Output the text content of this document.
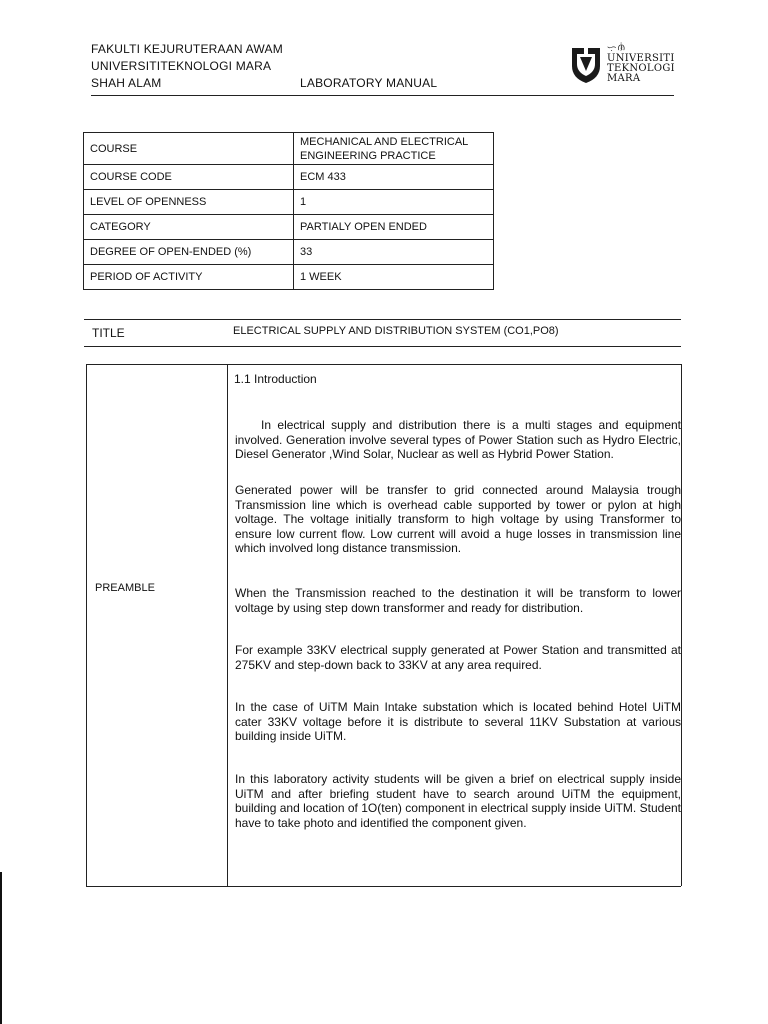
FAKULTI KEJURUTERAAN AWAM
UNIVERSITITEKNOLOGI MARA
SHAH ALAM	LABORATORY MANUAL
ᜑᜓᜈᜒ
UNIVERSITI
TEKNOLOGI
MARA
COURSE	MECHANICAL AND ELECTRICAL ENGINEERING PRACTICE
COURSE CODE	ECM 433
LEVEL OF OPENNESS	1
CATEGORY	PARTIALY OPEN ENDED
DEGREE OF OPEN-ENDED (%)	33
PERIOD OF ACTIVITY	1 WEEK
TITLE	ELECTRICAL SUPPLY AND DISTRIBUTION SYSTEM (CO1,PO8)
PREAMBLE
1.1 Introduction
In electrical supply and distribution there is a multi stages and equipment involved. Generation involve several types of Power Station such as Hydro Electric, Diesel Generator ,Wind Solar, Nuclear as well as Hybrid Power Station.
Generated power will be transfer to grid connected around Malaysia trough Transmission line which is overhead cable supported by tower or pylon at high voltage. The voltage initially transform to high voltage by using Transformer to ensure low current flow. Low current will avoid a huge losses in transmission line which involved long distance transmission.
When the Transmission reached to the destination it will be transform to lower voltage by using step down transformer and ready for distribution.
For example 33KV electrical supply generated at Power Station and transmitted at 275KV and step-down back to 33KV at any area required.
In the case of UiTM Main Intake substation which is located behind Hotel UiTM cater 33KV voltage before it is distribute to several 11KV Substation at various building inside UiTM.
In this laboratory activity students will be given a brief on electrical supply inside UiTM and after briefing student have to search around UiTM the equipment, building and location of 1O(ten) component in electrical supply inside UiTM. Student have to take photo and identified the component given.
